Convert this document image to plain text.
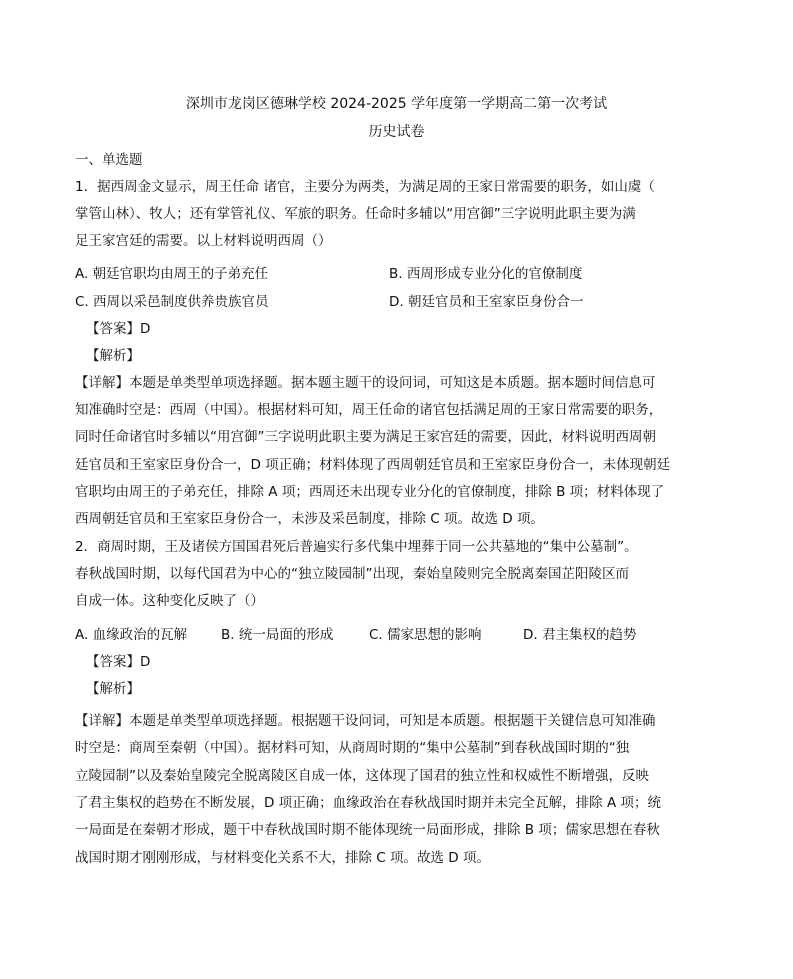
深圳市龙岗区德琳学校 2024-2025 学年度第一学期高二第一次考试
历史试卷
一、单选题
1．据西周金文显示，周王任命 诸官，主要分为两类，为满足周的王家日常需要的职务，如山虞（
掌管山林）、牧人；还有掌管礼仪、军旅的职务。任命时多辅以“用宫御”三字说明此职主要为满
足王家宫廷的需要。以上材料说明西周（）
A. 朝廷官职均由周王的子弟充任	B. 西周形成专业分化的官僚制度
C. 西周以采邑制度供养贵族官员	D. 朝廷官员和王室家臣身份合一
【答案】D
【解析】
【详解】本题是单类型单项选择题。据本题主题干的设问词，可知这是本质题。据本题时间信息可
知准确时空是：西周（中国）。根据材料可知，周王任命的诸官包括满足周的王家日常需要的职务，
同时任命诸官时多辅以“用宫御”三字说明此职主要为满足王家宫廷的需要，因此，材料说明西周朝
廷官员和王室家臣身份合一，D 项正确；材料体现了西周朝廷官员和王室家臣身份合一，未体现朝廷
官职均由周王的子弟充任，排除 A 项；西周还未出现专业分化的官僚制度，排除 B 项；材料体现了
西周朝廷官员和王室家臣身份合一，未涉及采邑制度，排除 C 项。故选 D 项。
2．商周时期，王及诸侯方国国君死后普遍实行多代集中埋葬于同一公共墓地的“集中公墓制”。
春秋战国时期，以每代国君为中心的“独立陵园制”出现，秦始皇陵则完全脱离秦国芷阳陵区而
自成一体。这种变化反映了（）
A. 血缘政治的瓦解	B. 统一局面的形成	C. 儒家思想的影响	D. 君主集权的趋势
【答案】D
【解析】
【详解】本题是单类型单项选择题。根据题干设问词，可知是本质题。根据题干关键信息可知准确
时空是：商周至秦朝（中国）。据材料可知，从商周时期的“集中公墓制”到春秋战国时期的“独
立陵园制”以及秦始皇陵完全脱离陵区自成一体，这体现了国君的独立性和权威性不断增强，反映
了君主集权的趋势在不断发展，D 项正确；血缘政治在春秋战国时期并未完全瓦解，排除 A 项；统
一局面是在秦朝才形成，题干中春秋战国时期不能体现统一局面形成，排除 B 项；儒家思想在春秋
战国时期才刚刚形成，与材料变化关系不大，排除 C 项。故选 D 项。
